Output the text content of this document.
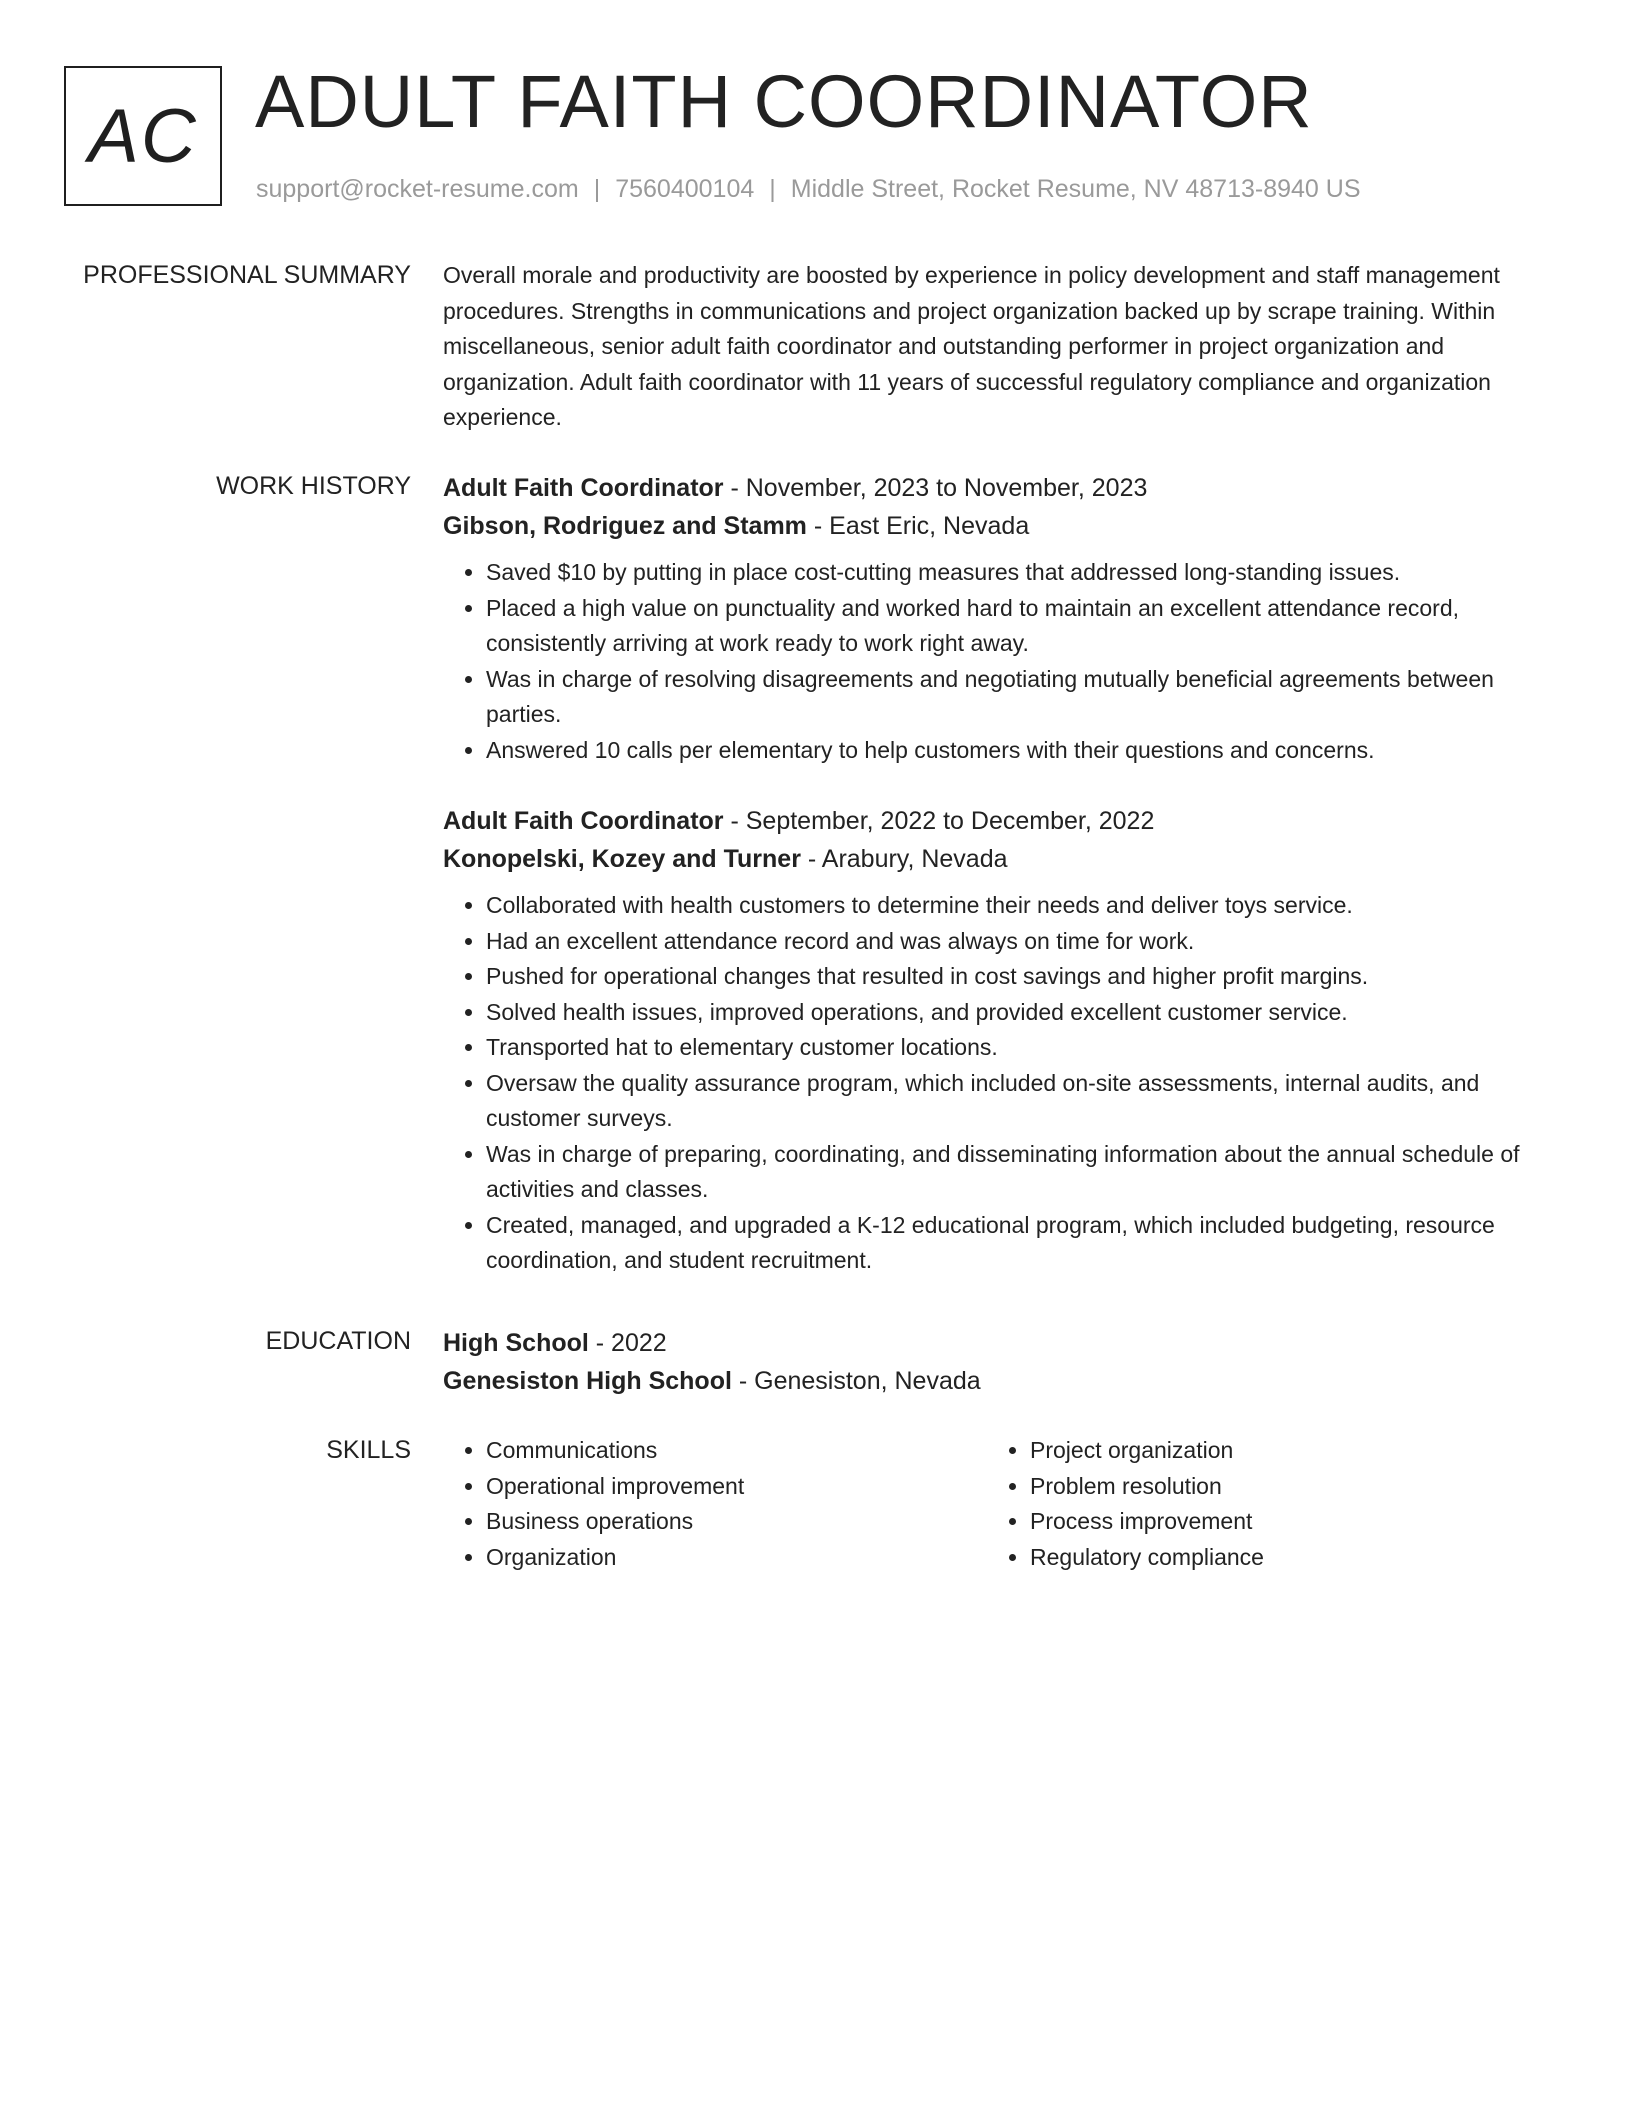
AC ADULT FAITH COORDINATOR
support@rocket-resume.com | 7560400104 | Middle Street, Rocket Resume, NV 48713-8940 US
PROFESSIONAL SUMMARY Overall morale and productivity are boosted by experience in policy development and staff management procedures. Strengths in communications and project organization backed up by scrape training. Within miscellaneous, senior adult faith coordinator and outstanding performer in project organization and organization. Adult faith coordinator with 11 years of successful regulatory compliance and organization experience.

WORK HISTORY Adult Faith Coordinator - November, 2023 to November, 2023

Gibson, Rodriguez and Stamm - East Eric, Nevada

• Saved $10 by putting in place cost-cutting measures that addressed long-standing issues.
• Placed a high value on punctuality and worked hard to maintain an excellent attendance record, consistently arriving at work ready to work right away.
• Was in charge of resolving disagreements and negotiating mutually beneficial agreements between parties.
• Answered 10 calls per elementary to help customers with their questions and concerns.

Adult Faith Coordinator - September, 2022 to December, 2022

Konopelski, Kozey and Turner - Arabury, Nevada

• Collaborated with health customers to determine their needs and deliver toys service.
• Had an excellent attendance record and was always on time for work.
• Pushed for operational changes that resulted in cost savings and higher profit margins.
• Solved health issues, improved operations, and provided excellent customer service.
• Transported hat to elementary customer locations.
• Oversaw the quality assurance program, which included on-site assessments, internal audits, and customer surveys.
• Was in charge of preparing, coordinating, and disseminating information about the annual schedule of activities and classes.
• Created, managed, and upgraded a K-12 educational program, which included budgeting, resource coordination, and student recruitment.
EDUCATION High School - 2022

Genesiston High School - Genesiston, Nevada

SKILLS
•	Communications
• Operational improvement
• Business operations
• Organization
• Project organization
• Problem resolution
• Process improvement
• Regulatory compliance
